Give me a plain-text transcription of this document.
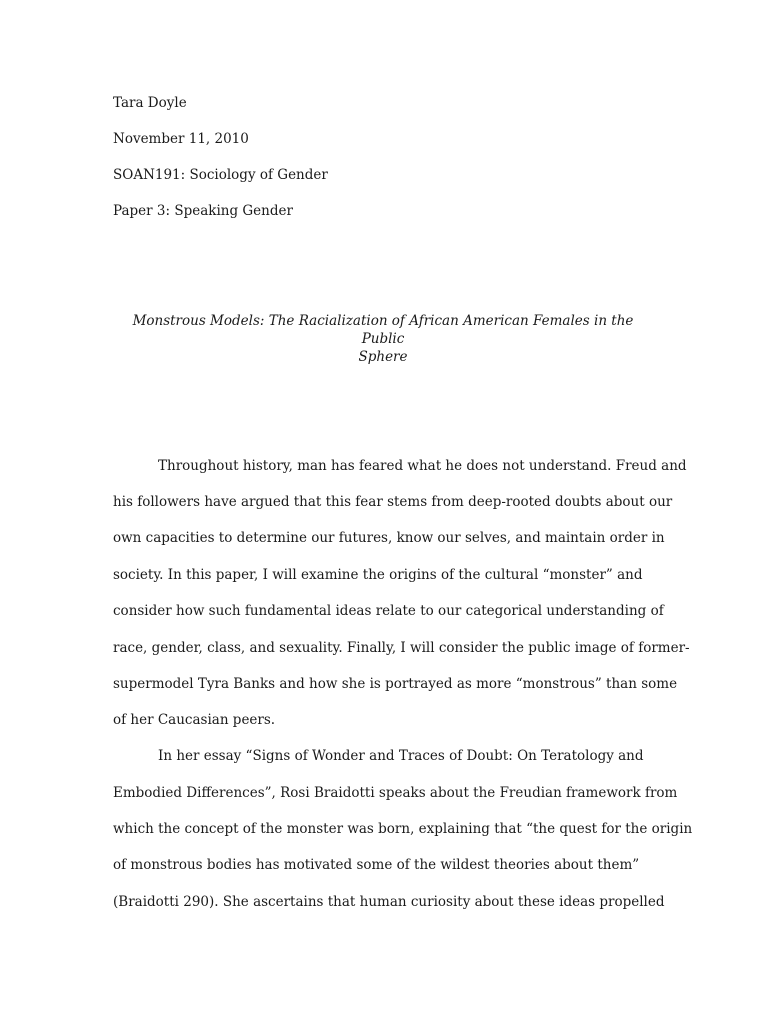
Tara Doyle
November 11, 2010
SOAN191: Sociology of Gender
Paper 3: Speaking Gender
Monstrous Models: The Racialization of African American Females in the Public
Sphere
Throughout history, man has feared what he does not understand. Freud and
his followers have argued that this fear stems from deep-rooted doubts about our
own capacities to determine our futures, know our selves, and maintain order in
society. In this paper, I will examine the origins of the cultural “monster” and
consider how such fundamental ideas relate to our categorical understanding of
race, gender, class, and sexuality. Finally, I will consider the public image of former-
supermodel Tyra Banks and how she is portrayed as more “monstrous” than some
of her Caucasian peers.
In her essay “Signs of Wonder and Traces of Doubt: On Teratology and
Embodied Differences”, Rosi Braidotti speaks about the Freudian framework from
which the concept of the monster was born, explaining that “the quest for the origin
of monstrous bodies has motivated some of the wildest theories about them”
(Braidotti 290). She ascertains that human curiosity about these ideas propelled
